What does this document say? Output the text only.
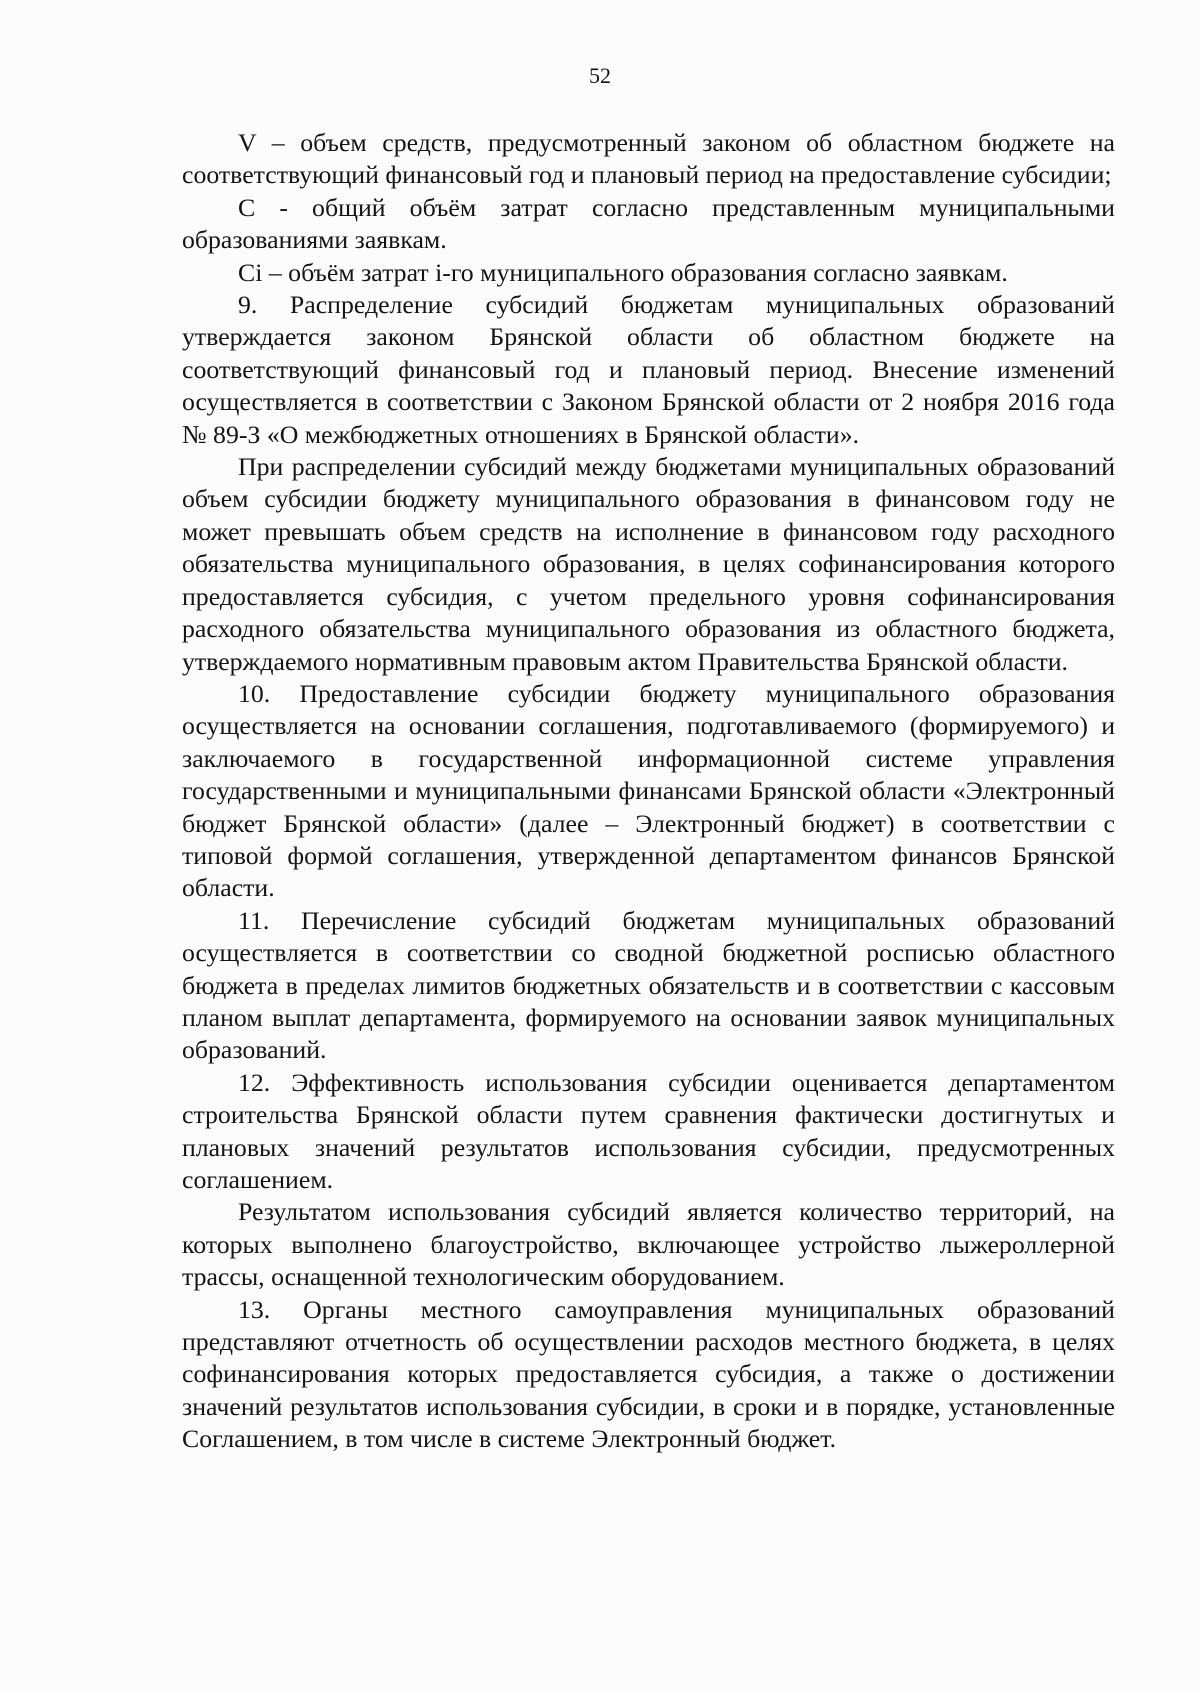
52

V – объем средств, предусмотренный законом об областном бюджете на соответствующий финансовый год и плановый период на предоставление субсидии;

С - общий объём затрат согласно представленным муниципальными образованиями заявкам.

Ci – объём затрат i-го муниципального образования согласно заявкам.

9. Распределение субсидий бюджетам муниципальных образований утверждается законом Брянской области об областном бюджете на соответствующий финансовый год и плановый период. Внесение изменений осуществляется в соответствии с Законом Брянской области от 2 ноября 2016 года № 89-З «О межбюджетных отношениях в Брянской области».

При распределении субсидий между бюджетами муниципальных образований объем субсидии бюджету муниципального образования в финансовом году не может превышать объем средств на исполнение в финансовом году расходного обязательства муниципального образования, в целях софинансирования которого предоставляется субсидия, с учетом предельного уровня софинансирования расходного обязательства муниципального образования из областного бюджета, утверждаемого нормативным правовым актом Правительства Брянской области.

10. Предоставление субсидии бюджету муниципального образования осуществляется на основании соглашения, подготавливаемого (формируемого) и заключаемого в государственной информационной системе управления государственными и муниципальными финансами Брянской области «Электронный бюджет Брянской области» (далее – Электронный бюджет) в соответствии с типовой формой соглашения, утвержденной департаментом финансов Брянской области.

11. Перечисление субсидий бюджетам муниципальных образований осуществляется в соответствии со сводной бюджетной росписью областного бюджета в пределах лимитов бюджетных обязательств и в соответствии с кассовым планом выплат департамента, формируемого на основании заявок муниципальных образований.

12. Эффективность использования субсидии оценивается департаментом строительства Брянской области путем сравнения фактически достигнутых и плановых значений результатов использования субсидии, предусмотренных соглашением.

Результатом использования субсидий является количество территорий, на которых выполнено благоустройство, включающее устройство лыжероллерной трассы, оснащенной технологическим оборудованием.

13. Органы местного самоуправления муниципальных образований представляют отчетность об осуществлении расходов местного бюджета, в целях софинансирования которых предоставляется субсидия, а также о достижении значений результатов использования субсидии, в сроки и в порядке, установленные Соглашением, в том числе в системе Электронный бюджет.
